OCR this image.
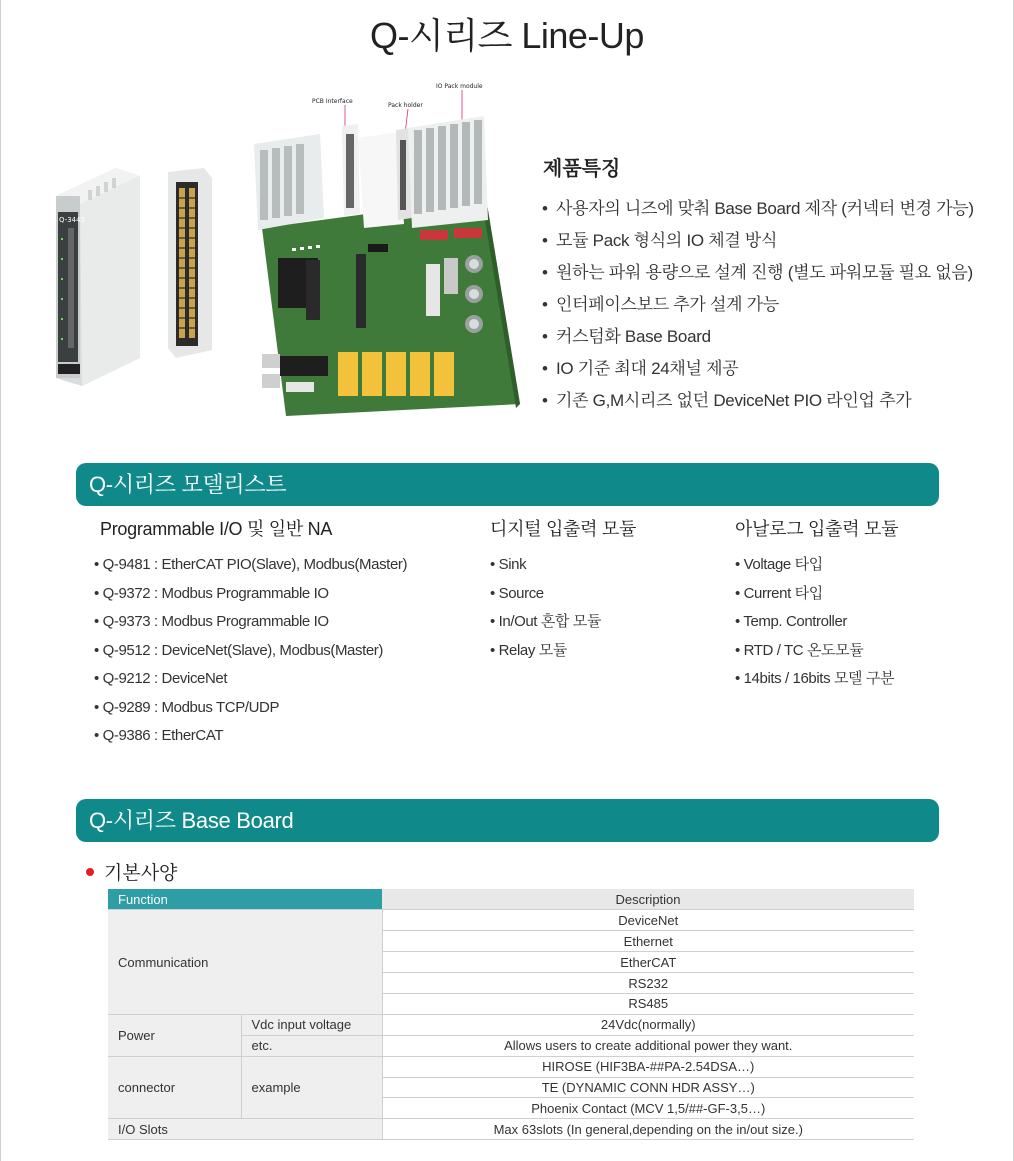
Q-시리즈 Line-Up
Q-3445
PCB Interface
Pack holder
IO Pack module
제품특징
• 사용자의 니즈에 맞춰 Base Board 제작 (커넥터 변경 가능)
• 모듈 Pack 형식의 IO 체결 방식
• 원하는 파워 용량으로 설계 진행 (별도 파워모듈 필요 없음)
• 인터페이스보드 추가 설계 가능
• 커스텀화 Base Board
• IO 기준 최대 24채널 제공
• 기존 G,M시리즈 없던 DeviceNet PIO 라인업 추가
Q-시리즈 모델리스트
Programmable I/O 및 일반 NA
• Q-9481 : EtherCAT PIO(Slave), Modbus(Master)
• Q-9372 : Modbus Programmable IO
• Q-9373 : Modbus Programmable IO
• Q-9512 : DeviceNet(Slave), Modbus(Master)
• Q-9212 : DeviceNet
• Q-9289 : Modbus TCP/UDP
• Q-9386 : EtherCAT
디지털 입출력 모듈
• Sink
• Source
• In/Out 혼합 모듈
• Relay 모듈
아날로그 입출력 모듈
• Voltage 타입
• Current 타입
• Temp. Controller
• RTD / TC 온도모듈
• 14bits / 16bits 모델 구분
Q-시리즈 Base Board
기본사양
Function		Description
Communication		DeviceNet
		Ethernet
		EtherCAT
		RS232
		RS485
Power	Vdc input voltage	24Vdc(normally)
	etc.	Allows users to create additional power they want.
connector	example	HIROSE (HIF3BA-##PA-2.54DSA…)
		TE (DYNAMIC CONN HDR ASSY…)
		Phoenix Contact (MCV 1,5/##-GF-3,5…)
I/O Slots		Max 63slots (In general,depending on the in/out size.)
